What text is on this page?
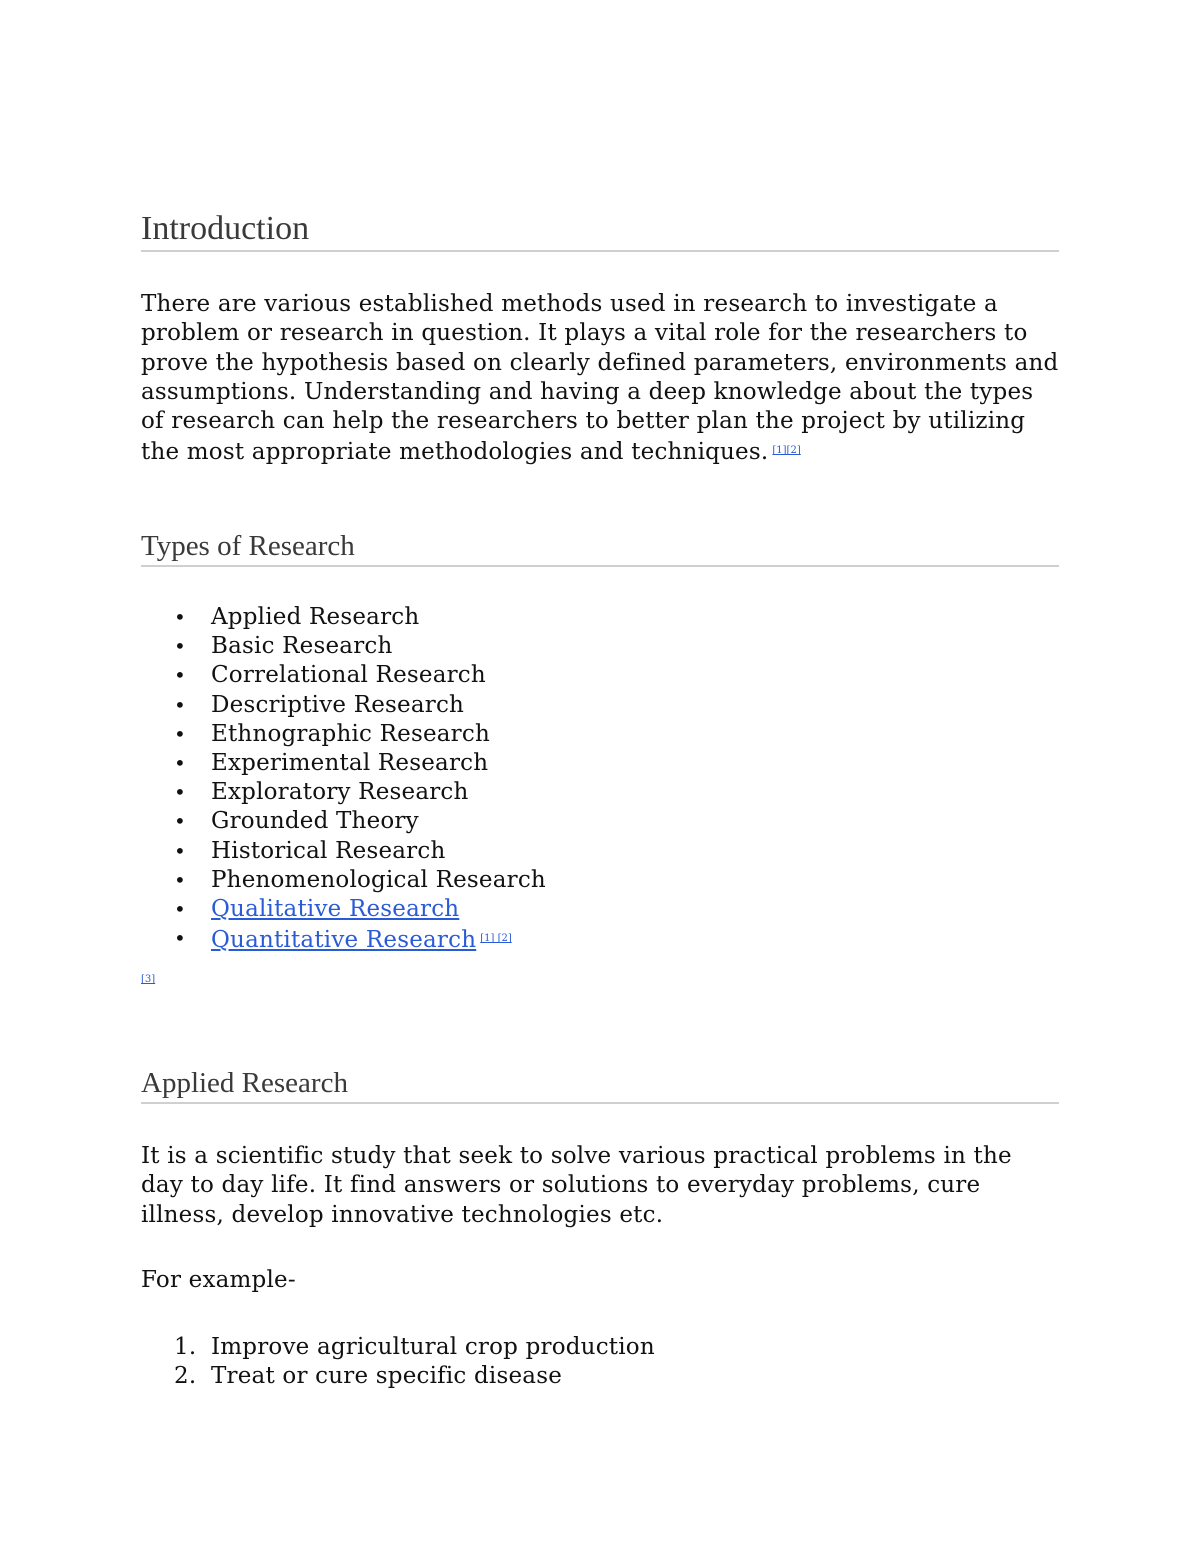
Introduction

There are various established methods used in research to investigate a problem or research in question. It plays a vital role for the researchers to prove the hypothesis based on clearly defined parameters, environments and assumptions. Understanding and having a deep knowledge about the types of research can help the researchers to better plan the project by utilizing the most appropriate methodologies and techniques. [1][2]

Types of Research
• Applied Research
• Basic Research
• Correlational Research
• Descriptive Research
• Ethnographic Research
• Experimental Research
• Exploratory Research
• Grounded Theory
• Historical Research
• Phenomenological Research
• Qualitative Research
• Quantitative Research [1] [2]
[3]
Applied Research

It is a scientific study that seek to solve various practical problems in the day to day life. It find answers or solutions to everyday problems, cure illness, develop innovative technologies etc.

For example-

1. Improve agricultural crop production
2. Treat or cure specific disease
